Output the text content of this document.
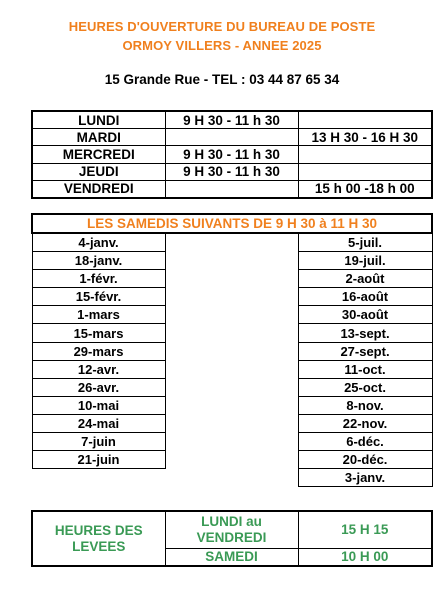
HEURES D'OUVERTURE DU BUREAU DE POSTE
ORMOY VILLERS - ANNEE 2025
15 Grande Rue - TEL : 03 44 87 65 34
LUNDI	9 H 30 - 11 h 30	
MARDI		13 H 30 - 16 H 30
MERCREDI	9 H 30 - 11 h 30	
JEUDI	9 H 30 - 11 h 30	
VENDREDI		15 h 00 -18 h 00
LES SAMEDIS SUIVANTS DE 9 H 30 à 11 H 30		
4-janv.		5-juil.
18-janv.		19-juil.
1-févr.		2-août
15-févr.		16-août
1-mars		30-août
15-mars		13-sept.
29-mars		27-sept.
12-avr.		11-oct.
26-avr.		25-oct.
10-mai		8-nov.
24-mai		22-nov.
7-juin		6-déc.
21-juin		20-déc.
		3-janv.
HEURES DES LEVEES	LUNDI au VENDREDI	15 H 15
	SAMEDI	10 H 00
